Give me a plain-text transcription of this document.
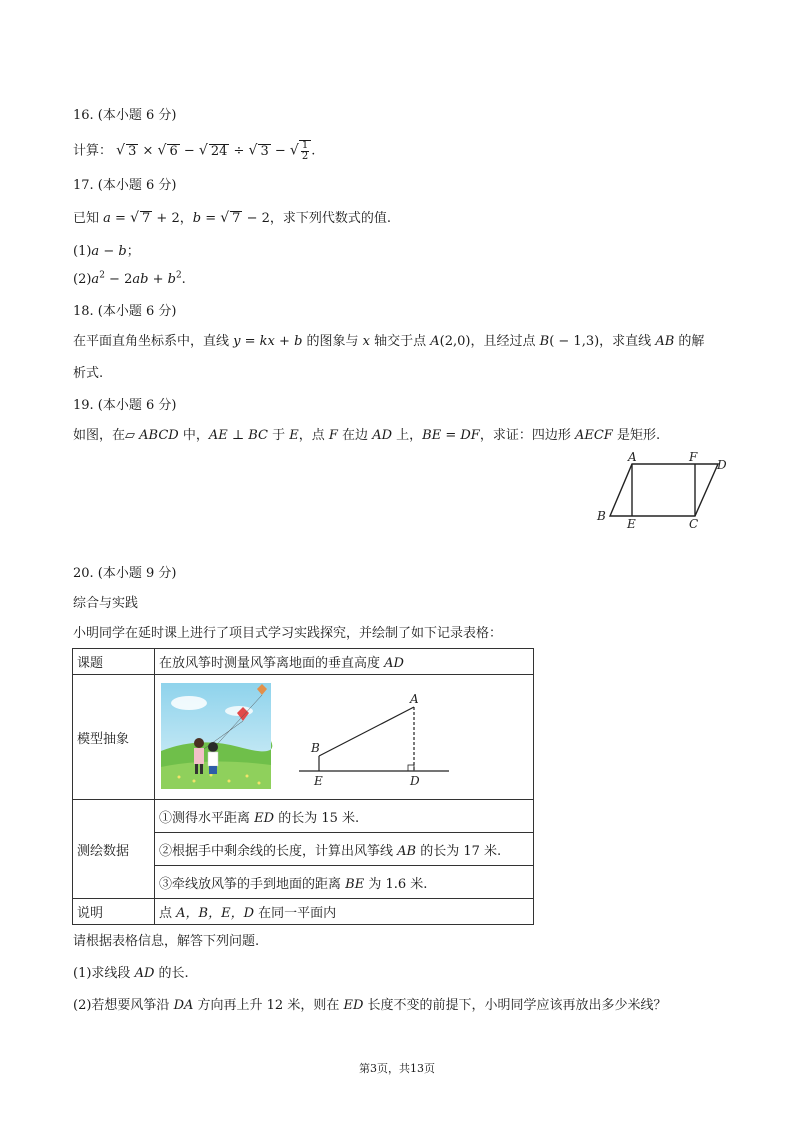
16. (本小题 6 分)
计算： √ 3 × √ 6 − √ 24 ÷ √ 3 − √ $\frac{1}{2}$ .
17. (本小题 6 分)
已知 a = √ 7 + 2，b = √ 7 − 2，求下列代数式的值.
(1)a − b；
$(2)a^2 - 2ab + b^2$.
18. (本小题 6 分)
在平面直角坐标系中，直线 y = kx + b 的图象与 x 轴交于点 A(2,0)，且经过点 B( − 1,3)，求直线 AB 的解
析式.
19. (本小题 6 分)
如图，在▱ ABCD 中，AE ⊥ BC 于 E，点 F 在边 AD 上，BE = DF，求证：四边形 AECF 是矩形.
A	F
D
B
E	C
20. (本小题 9 分)
综合与实践
小明同学在延时课上进行了项目式学习实践探究，并绘制了如下记录表格：
课题	在放风筝时测量风筝离地面的垂直高度 AD
模型抽象	
A
B
E	D

测绘数据	
①测得水平距离 ED 的长为 15 米.
②根据手中剩余线的长度，计算出风筝线 AB 的长为 17 米.
③牵线放风筝的手到地面的距离 BE 为 1.6 米.

说明	点 A，B，E，D 在同一平面内
请根据表格信息，解答下列问题.
(1)求线段 AD 的长.
(2)若想要风筝沿 DA 方向再上升 12 米，则在 ED 长度不变的前提下，小明同学应该再放出多少米线？
第3页，共13页
